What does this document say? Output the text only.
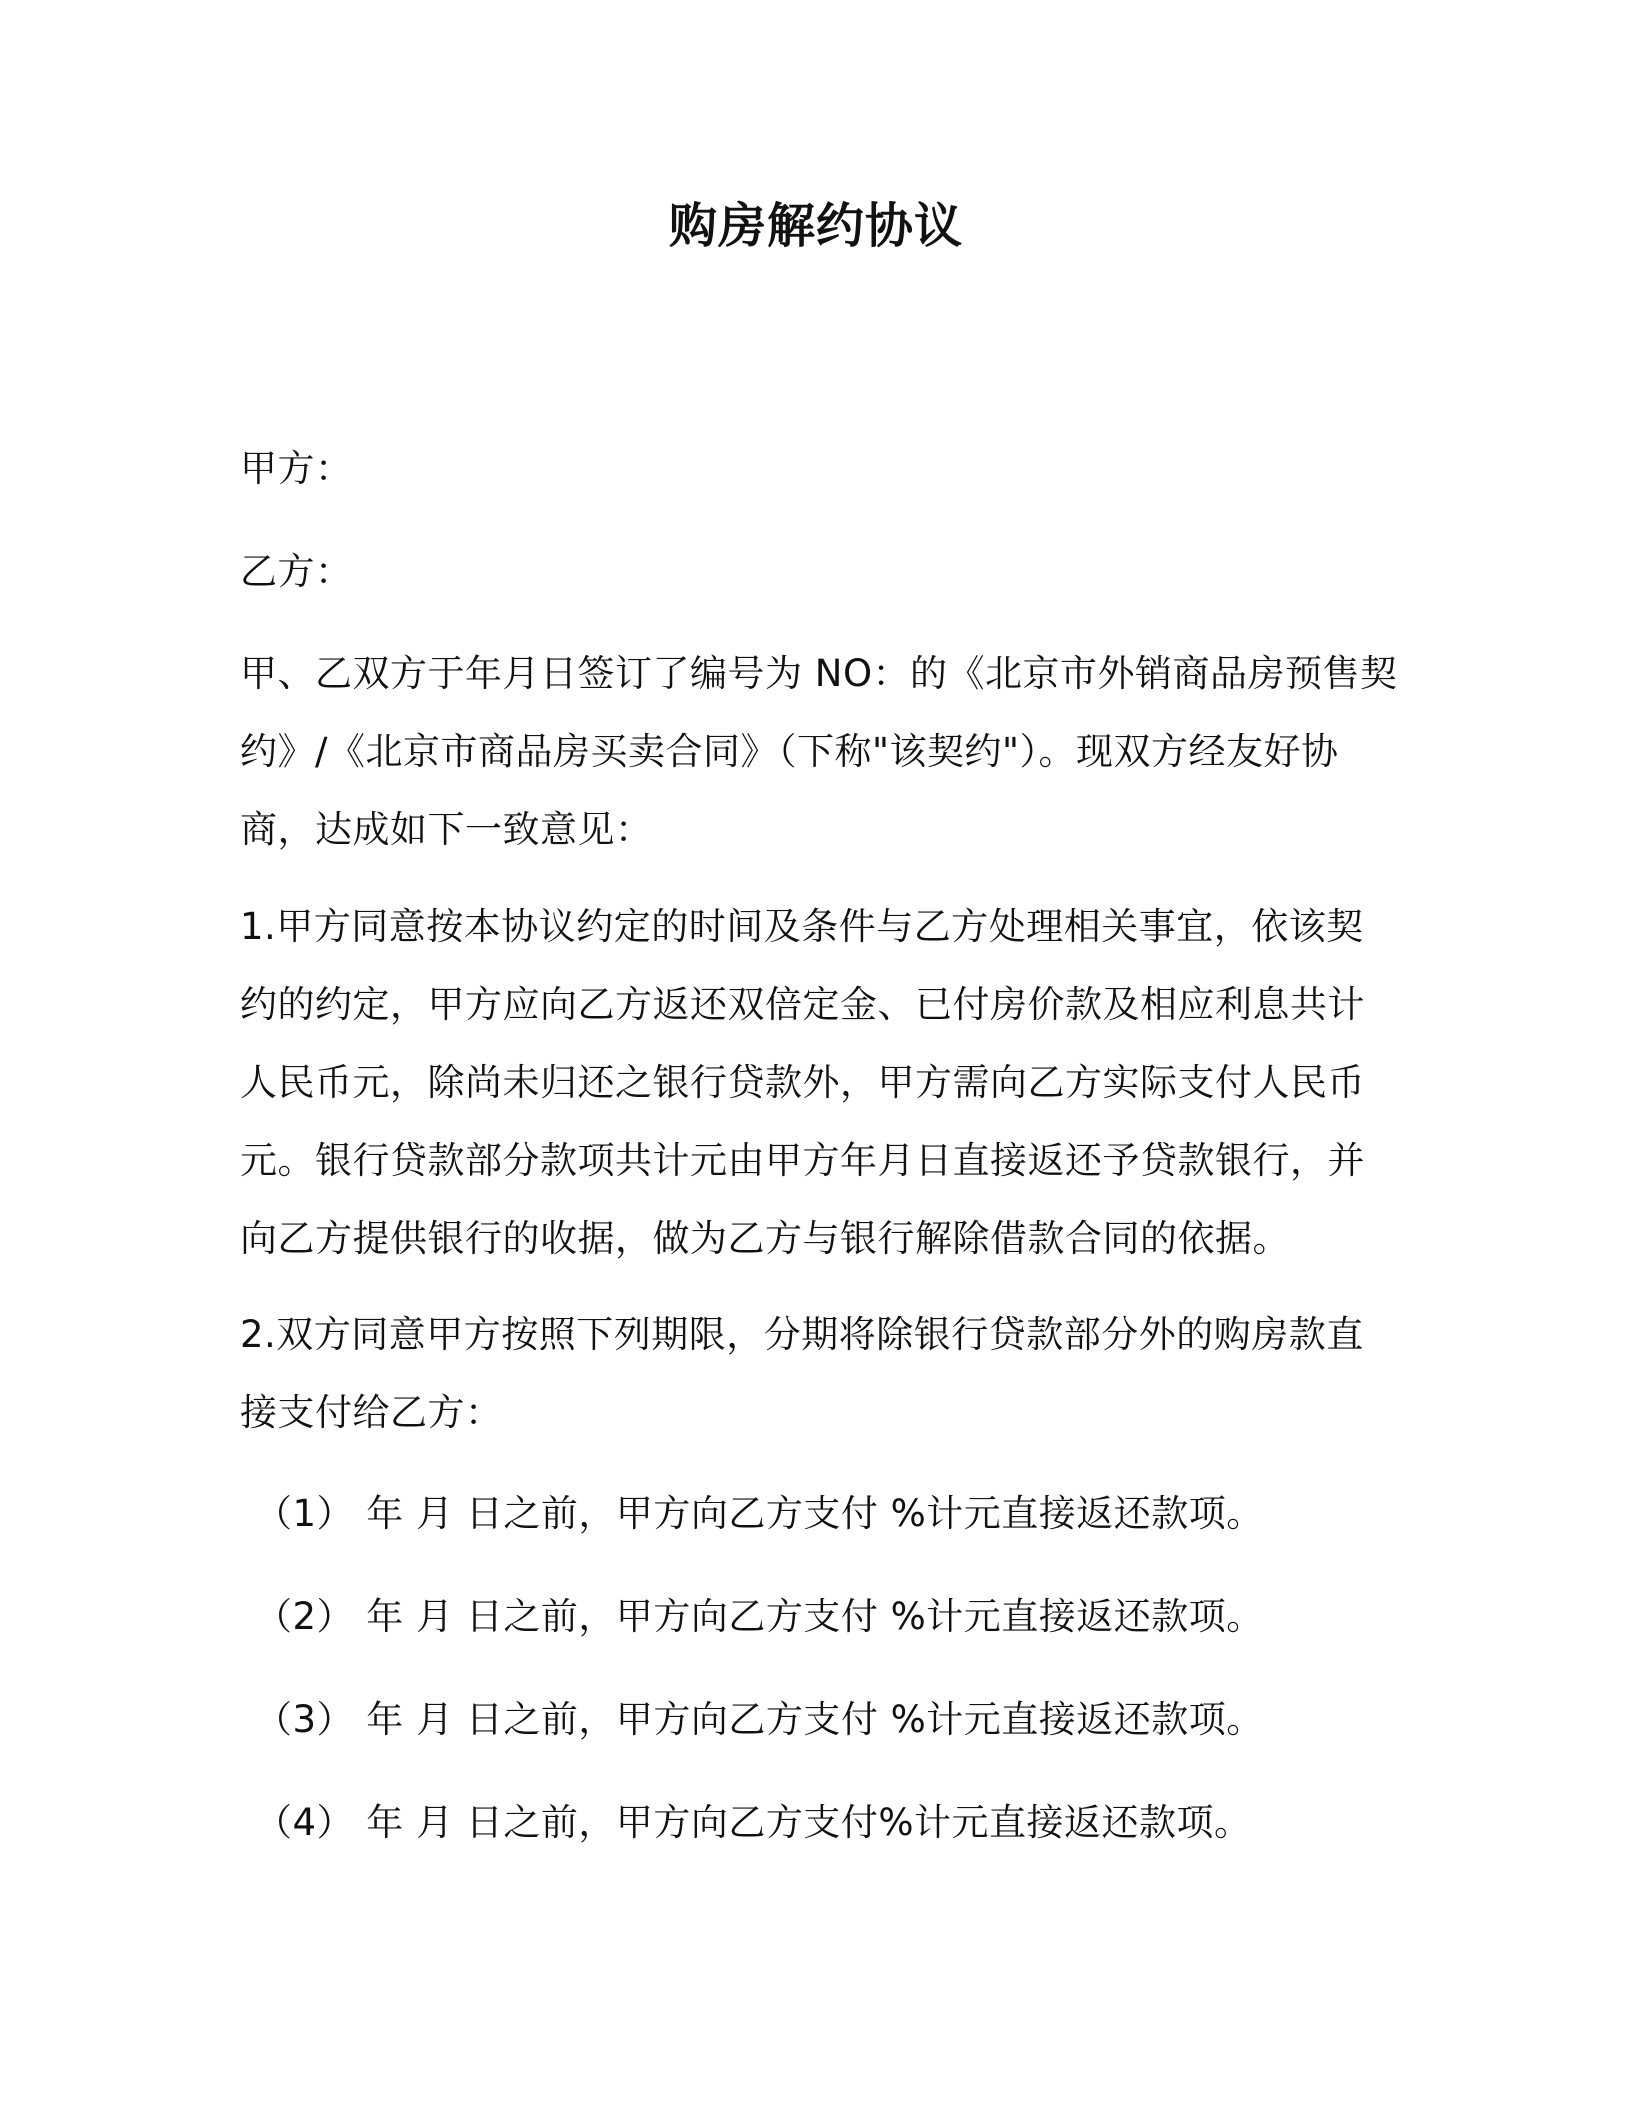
购房解约协议
甲方：
乙方：
甲、乙双方于年月日签订了编号为 NO：的《北京市外销商品房预售契
约》/《北京市商品房买卖合同》（下称"该契约"）。现双方经友好协
商，达成如下一致意见：
1.甲方同意按本协议约定的时间及条件与乙方处理相关事宜，依该契
约的约定，甲方应向乙方返还双倍定金、已付房价款及相应利息共计
人民币元，除尚未归还之银行贷款外，甲方需向乙方实际支付人民币
元。银行贷款部分款项共计元由甲方年月日直接返还予贷款银行，并
向乙方提供银行的收据，做为乙方与银行解除借款合同的依据。
2.双方同意甲方按照下列期限，分期将除银行贷款部分外的购房款直
接支付给乙方：
（1） 年 月 日之前，甲方向乙方支付 %计元直接返还款项。
（2） 年 月 日之前，甲方向乙方支付 %计元直接返还款项。
（3） 年 月 日之前，甲方向乙方支付 %计元直接返还款项。
（4） 年 月 日之前，甲方向乙方支付%计元直接返还款项。
